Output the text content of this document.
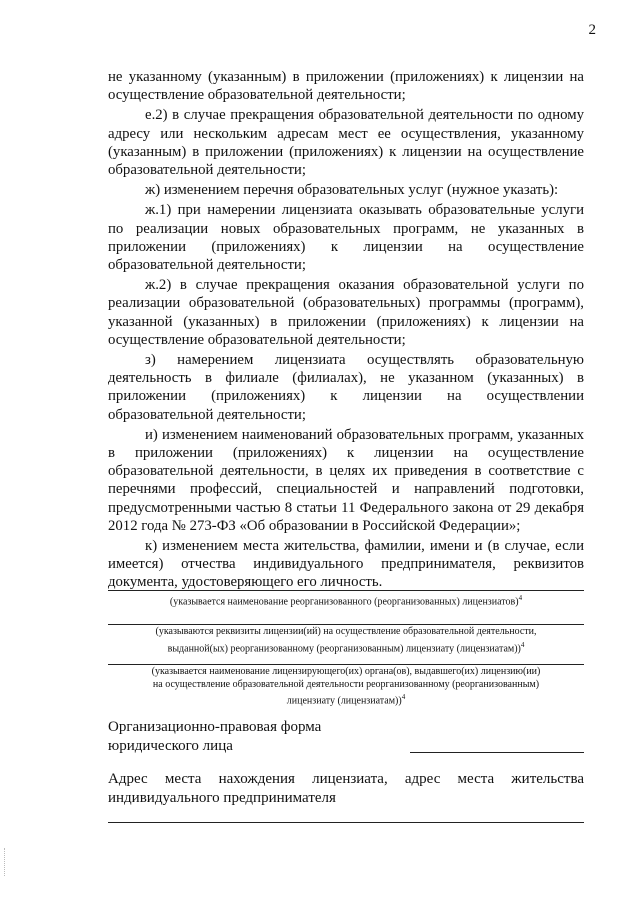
2

не указанному (указанным) в приложении (приложениях) к лицензии на осуществление образовательной деятельности;

е.2) в случае прекращения образовательной деятельности по одному адресу или нескольким адресам мест ее осуществления, указанному (указанным) в приложении (приложениях) к лицензии на осуществление образовательной деятельности;

ж) изменением перечня образовательных услуг (нужное указать):

ж.1) при намерении лицензиата оказывать образовательные услуги по реализации новых образовательных программ, не указанных в приложении (приложениях) к лицензии на осуществление образовательной деятельности;

ж.2) в случае прекращения оказания образовательной услуги по реализации образовательной (образовательных) программы (программ), указанной (указанных) в приложении (приложениях) к лицензии на осуществление образовательной деятельности;

з) намерением лицензиата осуществлять образовательную деятельность в филиале (филиалах), не указанном (указанных) в приложении (приложениях) к лицензии на осуществлении образовательной деятельности;

и) изменением наименований образовательных программ, указанных в приложении (приложениях) к лицензии на осуществление образовательной деятельности, в целях их приведения в соответствие с перечнями профессий, специальностей и направлений подготовки, предусмотренными частью 8 статьи 11 Федерального закона от 29 декабря 2012 года № 273-ФЗ «Об образовании в Российской Федерации»;

к) изменением места жительства, фамилии, имени и (в случае, если имеется) отчества индивидуального предпринимателя, реквизитов документа, удостоверяющего его личность.

(указывается наименование реорганизованного (реорганизованных) лицензиатов)$^4$
(указываются реквизиты лицензии(ий) на осуществление образовательной деятельности,
выданной(ых) реорганизованному (реорганизованным) лицензиату (лицензиатам))$^4$
(указывается наименование лицензирующего(их) органа(ов), выдавшего(их) лицензию(ии)
на осуществление образовательной деятельности реорганизованному (реорганизованным)
лицензиату (лицензиатам))$^4$
Организационно-правовая форма
юридического лица
Адрес места нахождения лицензиата, адрес места жительства
индивидуального предпринимателя
